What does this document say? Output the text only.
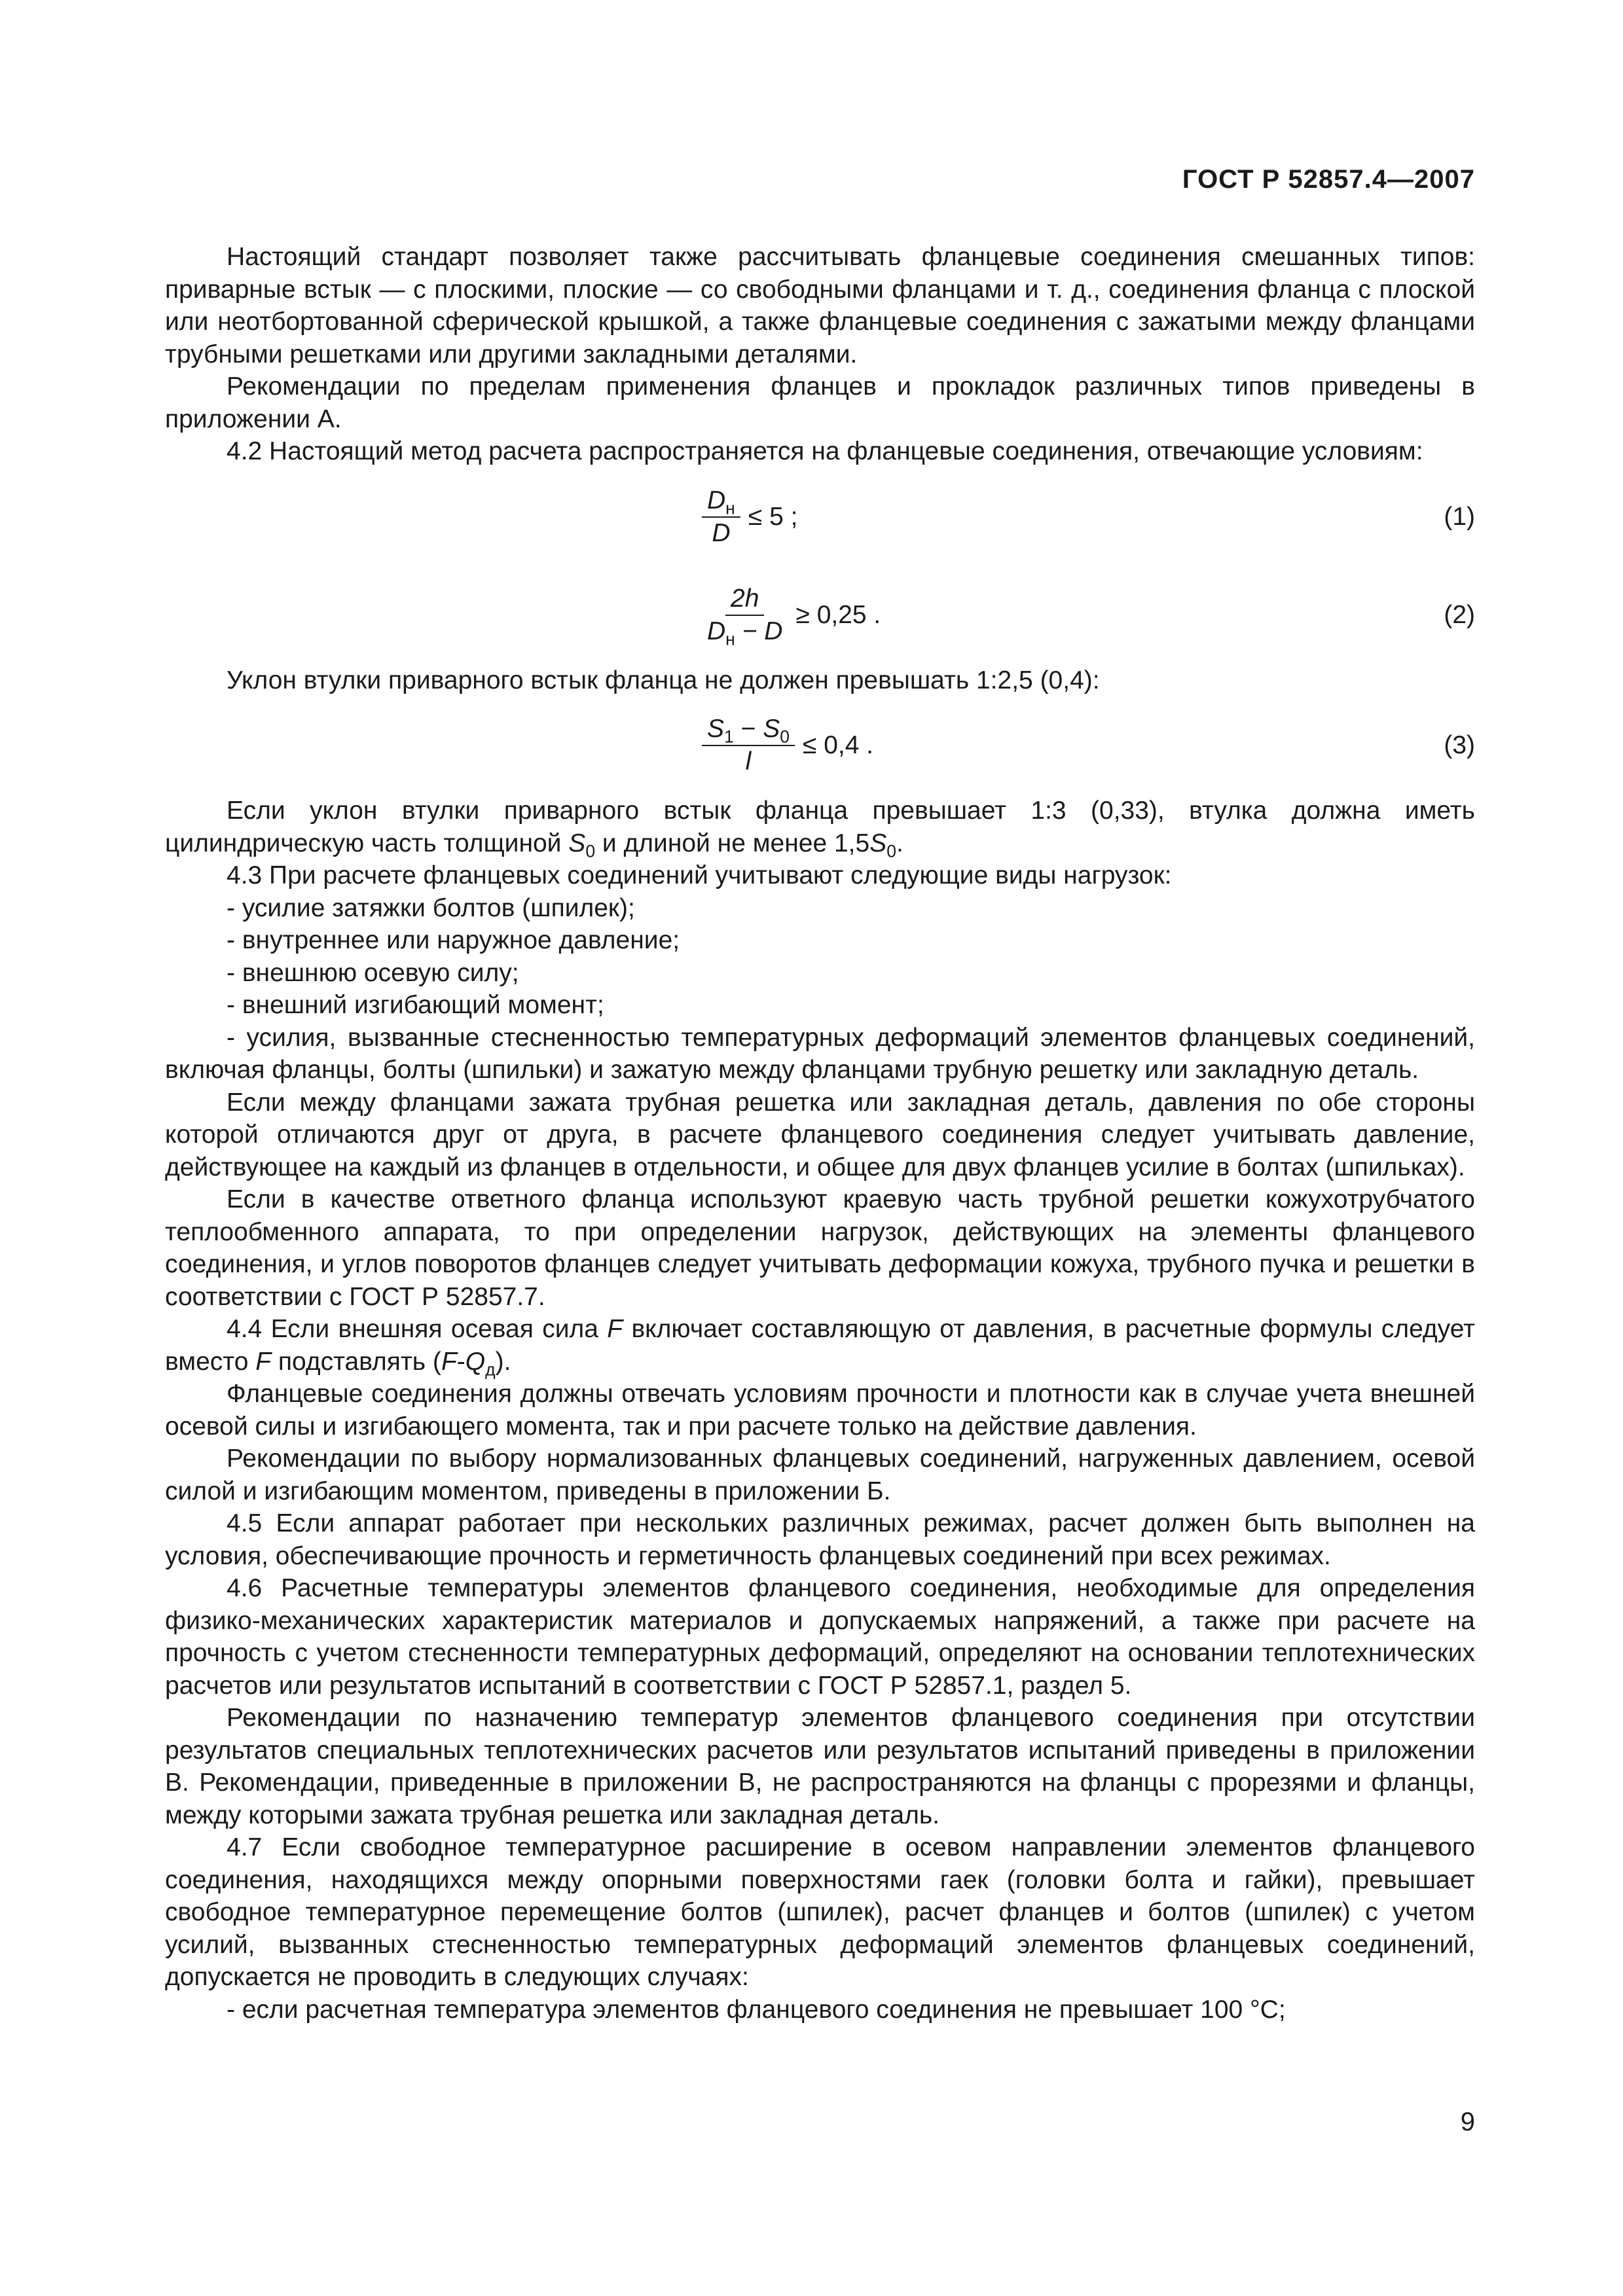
ГОСТ Р 52857.4—2007

Настоящий стандарт позволяет также рассчитывать фланцевые соединения смешанных типов: приварные встык — с плоскими, плоские — со свободными фланцами и т. д., соединения фланца с плоской или неотбортованной сферической крышкой, а также фланцевые соединения с зажатыми между фланцами трубными решетками или другими закладными деталями.

Рекомендации по пределам применения фланцев и прокладок различных типов приведены в приложении А.

4.2 Настоящий метод расчета распространяется на фланцевые соединения, отвечающие условиям:

$\frac{D_н}{D} \le 5$ ;	(1)
$\frac{2h}{D_н - D} \ge 0,25$ .	(2)

Уклон втулки приварного встык фланца не должен превышать 1:2,5 (0,4):

$\frac{S_1 - S_0}{l} \le 0,4$ .	(3)

Если уклон втулки приварного встык фланца превышает 1:3 (0,33), втулка должна иметь цилиндрическую часть толщиной $S_0$ и длиной не менее $1,5S_0$.

4.3 При расчете фланцевых соединений учитывают следующие виды нагрузок:

- усилие затяжки болтов (шпилек);

- внутреннее или наружное давление;

- внешнюю осевую силу;

- внешний изгибающий момент;

- усилия, вызванные стесненностью температурных деформаций элементов фланцевых соединений, включая фланцы, болты (шпильки) и зажатую между фланцами трубную решетку или закладную деталь.

Если между фланцами зажата трубная решетка или закладная деталь, давления по обе стороны которой отличаются друг от друга, в расчете фланцевого соединения следует учитывать давление, действующее на каждый из фланцев в отдельности, и общее для двух фланцев усилие в болтах (шпильках).

Если в качестве ответного фланца используют краевую часть трубной решетки кожухотрубчатого теплообменного аппарата, то при определении нагрузок, действующих на элементы фланцевого соединения, и углов поворотов фланцев следует учитывать деформации кожуха, трубного пучка и решетки в соответствии с ГОСТ Р 52857.7.

4.4 Если внешняя осевая сила F включает составляющую от давления, в расчетные формулы следует вместо F подставлять $(F-Q_д)$.

Фланцевые соединения должны отвечать условиям прочности и плотности как в случае учета внешней осевой силы и изгибающего момента, так и при расчете только на действие давления.

Рекомендации по выбору нормализованных фланцевых соединений, нагруженных давлением, осевой силой и изгибающим моментом, приведены в приложении Б.

4.5 Если аппарат работает при нескольких различных режимах, расчет должен быть выполнен на условия, обеспечивающие прочность и герметичность фланцевых соединений при всех режимах.

4.6 Расчетные температуры элементов фланцевого соединения, необходимые для определения физико-механических характеристик материалов и допускаемых напряжений, а также при расчете на прочность с учетом стесненности температурных деформаций, определяют на основании теплотехнических расчетов или результатов испытаний в соответствии с ГОСТ Р 52857.1, раздел 5.

Рекомендации по назначению температур элементов фланцевого соединения при отсутствии результатов специальных теплотехнических расчетов или результатов испытаний приведены в приложении В. Рекомендации, приведенные в приложении В, не распространяются на фланцы с прорезями и фланцы, между которыми зажата трубная решетка или закладная деталь.

4.7 Если свободное температурное расширение в осевом направлении элементов фланцевого соединения, находящихся между опорными поверхностями гаек (головки болта и гайки), превышает свободное температурное перемещение болтов (шпилек), расчет фланцев и болтов (шпилек) с учетом усилий, вызванных стесненностью температурных деформаций элементов фланцевых соединений, допускается не проводить в следующих случаях:

- если расчетная температура элементов фланцевого соединения не превышает 100 °С;

9
